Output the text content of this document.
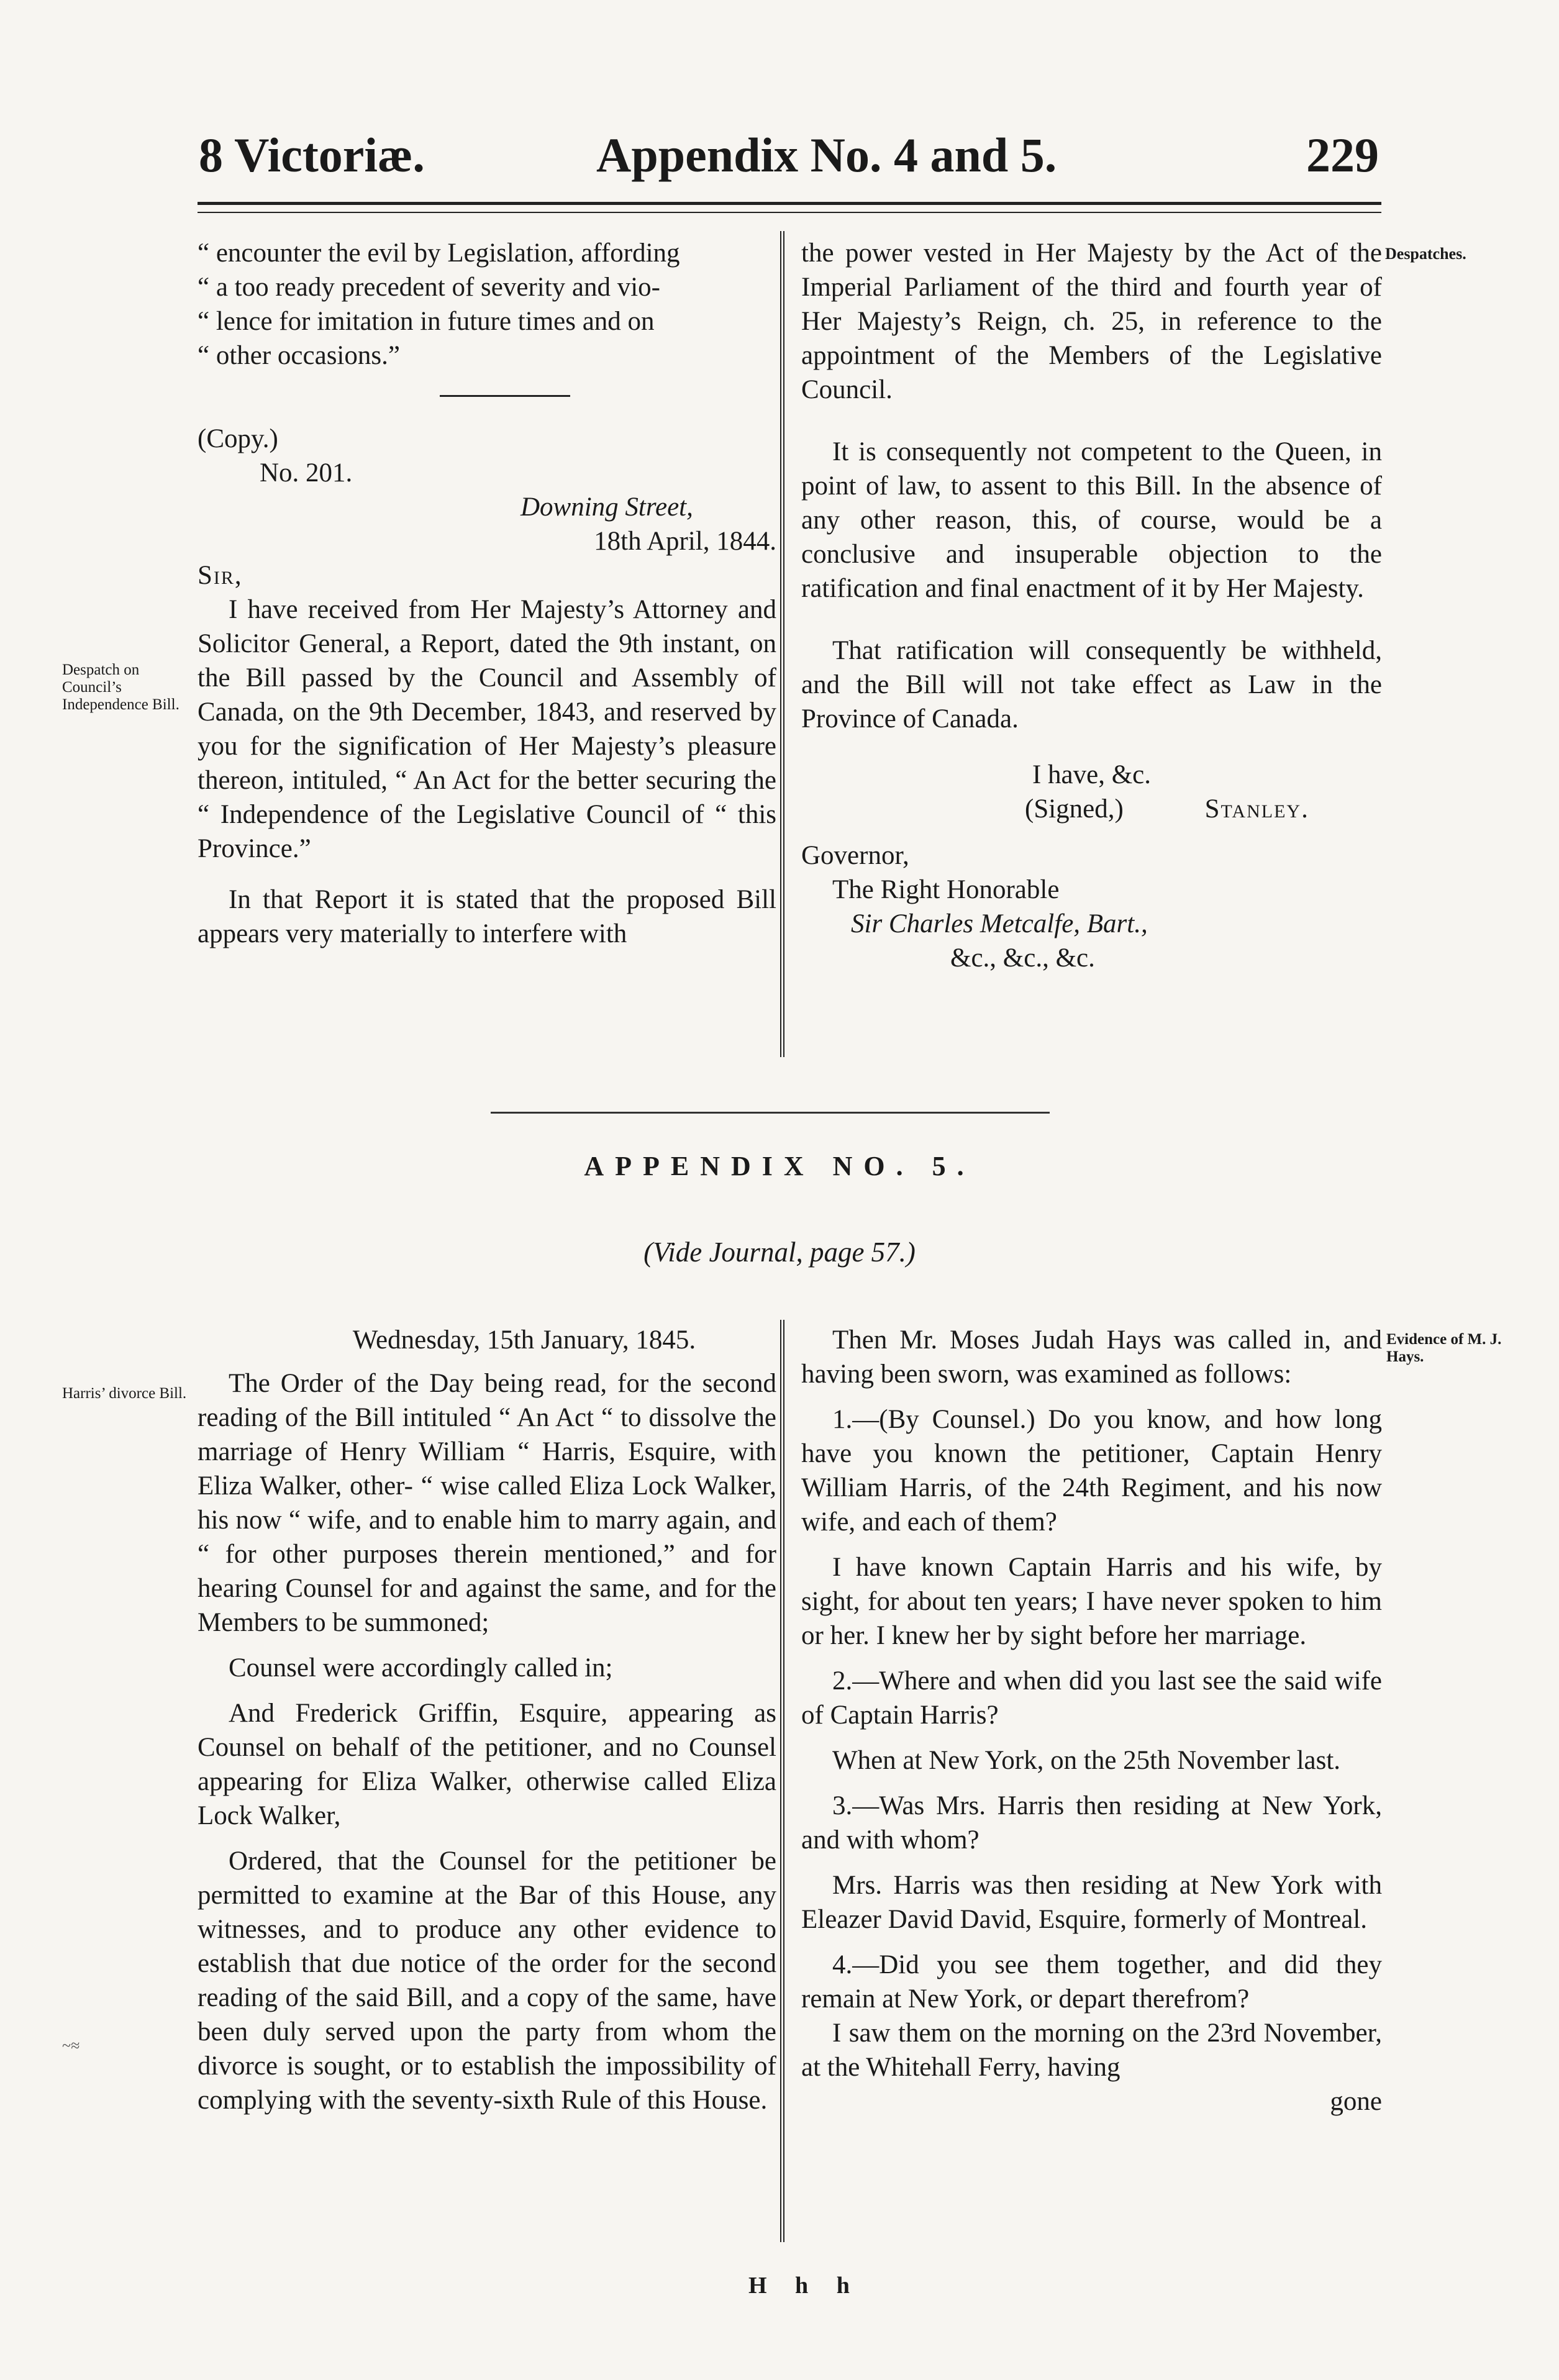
8 Victoriæ.	Appendix No. 4 and 5.	229

“ encounter the evil by Legislation, affording

“ a too ready precedent of severity and vio-

“ lence for imitation in future times and on

“ other occasions.”

(Copy.)

No. 201.

Downing Street,

18th April, 1844.

Sir,

I have received from Her Majesty’s Attorney and Solicitor General, a Report, dated the 9th instant, on the Bill passed by the Council and Assembly of Canada, on the 9th December, 1843, and reserved by you for the signification of Her Majesty’s pleasure thereon, intituled, “ An Act for the better securing the “ Independence of the Legislative Council of “ this Province.”

In that Report it is stated that the proposed Bill appears very materially to interfere with

the power vested in Her Majesty by the Act of the Imperial Parliament of the third and fourth year of Her Majesty’s Reign, ch. 25, in reference to the appointment of the Members of the Legislative Council.

It is consequently not competent to the Queen, in point of law, to assent to this Bill. In the absence of any other reason, this, of course, would be a conclusive and insuperable objection to the ratification and final enactment of it by Her Majesty.

That ratification will consequently be withheld, and the Bill will not take effect as Law in the Province of Canada.

I have, &c.

(Signed,)	Stanley.

Governor,

The Right Honorable

Sir Charles Metcalfe, Bart.,

&c., &c., &c.

Despatch on Council’s Independence Bill.
Despatches.
Harris’ divorce Bill.
Evidence of M. J. Hays.
~≈
APPENDIX NO. 5.
(Vide Journal, page 57.)

Wednesday, 15th January, 1845.

The Order of the Day being read, for the second reading of the Bill intituled “ An Act “ to dissolve the marriage of Henry William “ Harris, Esquire, with Eliza Walker, other- “ wise called Eliza Lock Walker, his now “ wife, and to enable him to marry again, and “ for other purposes therein mentioned,” and for hearing Counsel for and against the same, and for the Members to be summoned;

Counsel were accordingly called in;

And Frederick Griffin, Esquire, appearing as Counsel on behalf of the petitioner, and no Counsel appearing for Eliza Walker, otherwise called Eliza Lock Walker,

Ordered, that the Counsel for the petitioner be permitted to examine at the Bar of this House, any witnesses, and to produce any other evidence to establish that due notice of the order for the second reading of the said Bill, and a copy of the same, have been duly served upon the party from whom the divorce is sought, or to establish the impossibility of complying with the seventy-sixth Rule of this House.

Then Mr. Moses Judah Hays was called in, and having been sworn, was examined as follows:

1.—(By Counsel.) Do you know, and how long have you known the petitioner, Captain Henry William Harris, of the 24th Regiment, and his now wife, and each of them?

I have known Captain Harris and his wife, by sight, for about ten years; I have never spoken to him or her. I knew her by sight before her marriage.

2.—Where and when did you last see the said wife of Captain Harris?

When at New York, on the 25th November last.

3.—Was Mrs. Harris then residing at New York, and with whom?

Mrs. Harris was then residing at New York with Eleazer David David, Esquire, formerly of Montreal.

4.—Did you see them together, and did they remain at New York, or depart therefrom?

I saw them on the morning on the 23rd November, at the Whitehall Ferry, having

gone

H h h
